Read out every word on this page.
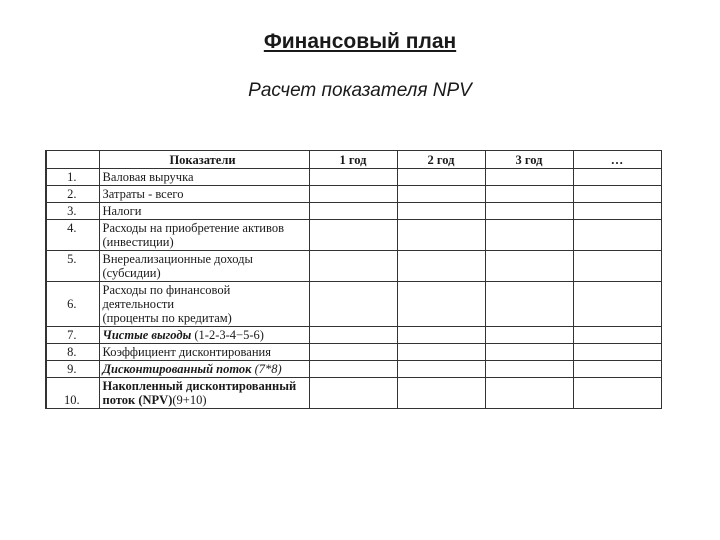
Финансовый план
Расчет показателя NPV
	Показатели	1 год	2 год	3 год	…
1.	Валовая выручка				
2.	Затраты - всего				
3.	Налоги				
4.	Расходы на приобретение активов
(инвестиции)				
5.	Внереализационные доходы
(субсидии)				
6.	Расходы по финансовой
деятельности
(проценты по кредитам)				
7.	Чистые выгоды (1-2-3-4−5-6)				
8.	Коэффициент дисконтирования				
9.	Дисконтированный поток (7*8)				
10.	Накопленный дисконтированный
поток (NPV)(9+10)				
